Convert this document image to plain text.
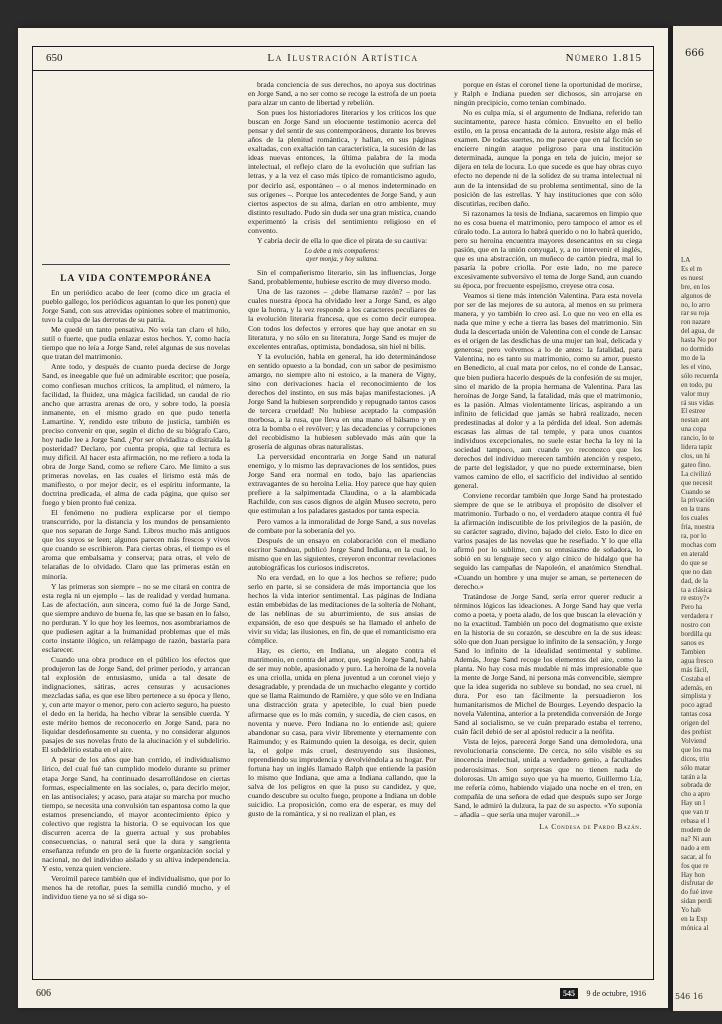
650	La Ilustración Artística	Número 1.815
LA VIDA CONTEMPORÁNEA

En un periódico acabo de leer (como dice un gracia el pueblo gallego, los periódicos aguantan lo que les ponen) que Jorge Sand, con sus atrevidas opiniones sobre el matrimonio, tuvo la culpa de las derrotas de su patria.

Me quedé un tanto pensativa. No veía tan claro el hilo, sutil o fuerte, que pudía enlazar estos hechos. Y, como hacía tiempo que no leía a Jorge Sand, releí algunas de sus novelas que tratan del matrimonio.

Ante todo, y después de cuanto pueda decirse de Jorge Sand, es ineegable que fué un admirable escritor; que poseía, como confiesan muchos críticos, la amplitud, el número, la facilidad, la fluidez, una mágica facilidad, un caudal de río ancho que arrastra arenas de oro, y sobre todo, la poesía inmanente, en el mismo grado en que pudo tenerla Lamartine. Y, rendido este tributo de justicia, también es preciso convenir en que, según el dicho de su biógrafo Caro, hoy nadie lee a Jorge Sand. ¿Por ser olvidadiza o distraída la posteridad? Declaro, por cuenta propia, que tal lectura es muy difícil. Al hacer esta afirmación, no me refiero a toda la obra de Jorge Sand, como se refiere Caro. Me limito a sus primeras novelas, en las cuales el lirismo está más de manifiesto, o por mejor decir, es el espíritu informante, la doctrina predicada, el alma de cada página, que quiso ser fuego y bien pronto fué ceniza.

El fenómeno no pudiera explicarse por el tiempo transcurrido, por la distancia y los mundos de pensamiento que nos separan de Jorge Sand. Libros mucho más antiguos que los suyos se leen; algunos parecen más frescos y vivos que cuando se escribieron. Para ciertas obras, el tiempo es el aroma que embalsama y conserva; para otras, el velo de telarañas de lo olvidado. Claro que las primeras están en minoría.

Y las primeras son siempre – no se me citará en contra de esta regla ni un ejemplo – las de realidad y verdad humana. Las de afectación, aun sincera, como fué la de Jorge Sand, que siempre anduvo de buena fe, las que se basan en lo falso, no perduran. Y lo que hoy les leemos, nos asombrariamos de que pudiesen agitar a la humanidad problemas que el más corto instante ilógico, un relámpago de razón, bastaría para esclarecer.

Cuando una obra produce en el público los efectos que produjeron las de Jorge Sand, del primer período, y arrancan tal explosión de entusiasmo, unida a tal desate de indignaciones, sátiras, acres censuras y acusaciones mezcladas saña, es que ese libro pertenece a su época y lleno, y, con arte mayor o menor, pero con acierto seguro, ha puesto el dedo en la herida, ha hecho vibrar la sensible cuerda. Y este mérito hemos de reconocerlo en Jorge Sand, para no liquidar desdeñosamente su cuenta, y no considerar algunos pasajes de sus novelas fruto de la alucinación y el subdelirio. El subdelirio estaba en el aire.

A pesar de los años que han corrido, el individualismo lírico, del cual fué tan cumplido modelo durante su primer etapa Jorge Sand, ha continuado desarrollándose en ciertas formas, especialmente en las sociales, o, para decirlo mejor, en las antisociales; y acaso, para atajar su marcha por mucho tiempo, se necesita una convulsión tan espantosa como la que estamos presenciando, el mayor acontecimiento épico y colectivo que registra la historia. O se equivocan los que discurren acerca de la guerra actual y sus probables consecuencias, o natural será que la dura y sangrienta enseñanza refunde en pro de la fuerte organización social y nacional, no del individuo aislado y su altiva independencia. Y esto, venza quien venciere.

Veroímil parece también que el individualismo, que por lo menos ha de retoñar, pues la semilla cundió mucho, y el individuo tiene ya no sé si diga so-

brada conciencia de sus derechos, no apoya sus doctrinas en Jorge Sand, a no ser como se recoge la estrofa de un poeta para alzar un canto de libertad y rebelión.

Son pues los historiadores literarios y los críticos los que buscan en Jorge Sand un elocuente testimonio acerca del pensar y del sentir de sus contemporáneos, durante los breves años de la plenitud romántica, y hallan, en sus páginas exaltadas, con exaltación tan característica, la sucesión de las ideas nuevas entonces, la última palabra de la moda intelectual, el reflejo claro de la evolución que sufrían las letras, y a la vez el caso más típico de romanticismo agudo, por decirlo así, espontáneo – o al menos indeterminado en sus orígenes –. Porque los antecedentes de Jorge Sand, y aun ciertos aspectos de su alma, darían en otro ambiente, muy distinto resultado. Pudo sin duda ser una gran mística, cuando experimentó la crisis del sentimiento religioso en el convento.

Y cabría decir de ella lo que dice el pirata de su cautiva:

Lo debe a mis compañeros:
ayer monja, y hoy sultana.

Sin el compañerismo literario, sin las influencias, Jorge Sand, probablemente, hubiese escrito de muy diverso modo.

Una de las razones – ¿debe llamarse razón? – por las cuales nuestra época ha olvidado leer a Jorge Sand, es algo que la honra, y la vez responde a los caracteres peculiares de la evolución literaria francesa, que es como decir europea. Con todos los defectos y errores que hay que anotar en su literatura, y no sólo en su literatura, Jorge Sand es mujer de excelentes entrañas, optimista, bondadosa, sin hiel ni bilis.

Y la evolución, habla en general, ha ido determinándose en sentido opuesto a la bondad, con un sabor de pesimismo amargo, no siempre alto ni estoico, a la manera de Vigny, sino con derivaciones hacia el reconocimiento de los derechos del instinto, en sus más bajas manifestaciones. ¡A Jorge Sand la hubiesen sorprendido y repugnado tantos casos de tercera crueldad! No hubiese aceptado la compasión morbosa, a la rusa, que lleva en una mano el bálsamo y en otra la bomba o el revólver; y las decadencias y corrupciones del recobidismo la hubiesen sublevado más aún que la grosería de algunas obras naturalistas.

La perversidad encontraria en Jorge Sand un natural enemigo, y lo mismo las depravaciones de los sentidos, pues Jorge Sand era normal en todo, bajo las apariencias extravagantes de su heroína Lelia. Hoy parece que hay quien prefiere a la salpimentada Claudina, o a la alambicada Rachilde, con sus casos dignos de algún Museo secreto, pero que estimulan a los paladares gastados por tanta especia.

Pero vamos a la inmoralidad de Jorge Sand, a sus novelas de combate por la soberanía del yo.

Después de un ensayo en colaboración con el mediano escritor Sandeau, publicó Jorge Sand Indiana, en la cual, lo mismo que en las siguientes, creyeron encontrar revelaciones autobiográficas los curiosos indiscretos.

No era verdad, en lo que a los hechos se refiere; pudo serlo en parte, si se considera de más importancia que los hechos la vida interior sentimental. Las páginas de Indiana están embebidas de las meditaciones de la soltería de Nohant, de las neblinas de su aburrimiento, de sus ansias de expansión, de eso que después se ha llamado el anhelo de vivir su vida; las ilusiones, en fin, de que el romanticismo era cómplice.

Hay, es cierto, en Indiana, un alegato contra el matrimonio, en contra del amor, que, según Jorge Sand, había de ser muy noble, apasionado y puro. La heroína de la novela es una criolla, unida en plena juventud a un coronel viejo y desagradable, y prendada de un muchacho elegante y cortido que se llama Raimundo de Ramière, y que sólo ve en Indiana una distracción grata y apetecible, lo cual bien puede afirmarse que es lo más común, y sucedía, de cien casos, en noventa y nueve. Pero Indiana no lo entiende así; quiere abandonar su casa, para vivir libremente y eternamente con Raimundo; y es Raimundo quien la desoiga, es decir, quien la, el golpe más cruel, destruyendo sus ilusiones, reprendiendo su imprudencia y devolviéndola a su hogar. Por fortuna hay un inglés llamado Ralph que entiende la pasión lo mismo que Indiana, que ama a Indiana callando, que la salva de los peligros en que la puso su candidez, y que, cuando descubre su oculto fuego, propone a Indiana un doble suicidio. La proposición, como era de esperar, es muy del gusto de la romántica, y si no realizan el plan, es

porque en éstas el coronel tiene la oportunidad de morirse, y Ralph e Indiana pueden ser dichosos, sin arrojarse en ningún precipicio, como tenían combinado.

No es culpa mía, si el argumento de Indiana, referido tan sucintamente, parece hasta cómico. Envuelto en el bello estilo, en la prosa encantada de la autora, resiste algo más el examen. De todas suertes, no me parece que en tal ficción se encierre ningún ataque peligroso para una institución determinada, aunque la ponga en tela de juicio, mejor se dijera en tela de locura. Lo que sucede es que hay obras cuyo efecto no depende ni de la solidez de su trama intelectual ni aun de la intensidad de su problema sentimental, sino de la posición de las estrellas. Y hay instituciones que con sólo discutirlas, reciben daño.

Si razonamos la tesis de Indiana, sacaremos en limpio que no es cosa buena el matrimonio, pero tampoco el amor es el cúralo todo. La autora lo habrá querido o no lo habrá querido, pero su heroína encuentra mayores desencantos en su ciega pasión, que en la unión conyugal, y, a no intervenir el inglés, que es una abstracción, un muñeco de cartón piedra, mal lo pasaría la pobre criolla. Por este lado, no me parece excesivamente subversivo el tema de Jorge Sand, aun cuando su época, por frecuente espejismo, creyese otra cosa.

Veamos si tiene más intención Valentina. Para esta novela por ser de las mejores de su autora, al menos en su primera manera, y yo también lo creo así. Lo que no veo en ella es nada que mine y eche a tierra las bases del matrimonio. Sin duda la descertada unión de Valentina con el conde de Lansac es el origen de las desdichas de una mujer tan leal, delicada y generosa; pero volvemos a lo de antes: la fatalidad, para Valentina, no es tanto su matrimonio, como su amor, puesto en Benedicto, al cual mata por celos, no el conde de Lansac, que bien pudiera hacerlo después de la confesión de su mujer, sino el marido de la propia hermana de Valentina. Para las heroínas de Jorge Sand, la fatalidad, más que el matrimonio, es la pasión. Almas violentamente líricas, aspirando a un infinito de felicidad que jamás se habrá realizado, necen predestinadas al dolor y a la pérdida del ideal. Son además escasas las almas de tal temple, y para unos cuantos individuos excepcionales, no suele estar hecha la ley ni la sociedad tampoco, aun cuando yo reconozco que los derechos del individuo merecen también atención y respeto, de parte del legislador, y que no puede exterminarse, bien vamos camino de ello, el sacrificio del individuo al sentido general.

Conviene recordar también que Jorge Sand ha protestado siempre de que se le atribuya el propósito de disolver el matrimonio. Turbado o no, el verdadero ataque contra él fué la afirmación indiscutible de los privilegios de la pasión, de su carácter sagrado, divino, bajado del cielo. Esto lo dice en varios pasajes de las novelas que he resefiado. Y lo que ella afirmó por lo sublime, con su entusiasmo de soñadora, lo sobió en su lenguaje seco y algo cínico de hidalgo que ha seguido las campañas de Napoleón, el anatómico Stendhal. «Cuando un hombre y una mujer se aman, se pertenecen de derecho.»

Tratándose de Jorge Sand, sería error querer reducir a términos lógicos las ideaciones. A Jorge Sand hay que verla como a poeta, y poeta alado, de los que buscan la elevación y no la exactitud. También un poco del dogmatismo que existe en la historia de su corazón, se descubre en la de sus ideas: sólo que don Juan persigue lo infinito de la sensación, y Jorge Sand lo infinito de la idealidad sentimental y sublime. Además, Jorge Sand recoge los elementos del aire, como la planta. No hay cosa más mudable ni más impresionable que la mente de Jorge Sand, ni persona más convencible, siempre que la idea sugerida no subleve su bondad, no sea cruel, ni dura. Por eso tan fácilmente la persuadieron los humanitarismos de Michel de Bourges. Leyendo despacio la novela Valentina, anterior a la pretendida conversión de Jorge Sand al socialismo, se ve cuán preparado estaba el terreno, cuán fácil debió de ser al apóstol reducir a la neófita.

Vista de lejos, parecerá Jorge Sand una demoledora, una revolucionaria consciente. De cerca, no sólo visible es su inocencia intelectual, unida a verdadero genio, a facultades poderosísimas. Son sorpresas que no tienen nada de dolorosas. Un amigo suyo que ya ha muerto, Guillermo Lía, me refería cómo, habiendo viajado una noche en el tren, en compañía de una señora de edad que después supo ser Jorge Sand, le admiró la dulzura, la paz de su aspecto. «Yo suponía – añadía – que sería una mujer varonil...»

La Condesa de Pardo Bazán.
606	545	9 de octubre, 1916
666
LA
Es el m
es nuest
bre, en los
algunos de
no, lo arro
rar su roja
ron nazare
del agua, de
hasta No por
no dormido
mo de la
les el vino,
sólo recuerda
en todo, pu
valor muy
rá sus vidas
El estree
nestan ant
una copa
rancio, lo te
lidera tapiz
clos, un hi
gateo fino.
La civilizó
que necesit
Cuando se
la privación
en la trans
los cuales
fría, nuestra
ra, por lo
mochas com
en aterald
do que se
que no dan
dad, de la
ta a clásica
re estoy?»
Pero ha
verdadera r
nostro con
bordilla qu
sanos es
Tambien
agua fresco
más fácil,
Costaba el
además, en
simplista y
poco agrad
tantas cosa
origen del
des prehist
Volviend
que los ma
dicos, triu
sólo matar
tarán a la
sobrada de
cho a apro
Hay un l
que van tr
rebasa el l
modem de
na? Ni aun
nado a em
sacar, al fo
fos que re
Hay hon
disfrutar de
do fué inve
sidan perdi
Yo hab
en la Exp
mónica al
546 16
